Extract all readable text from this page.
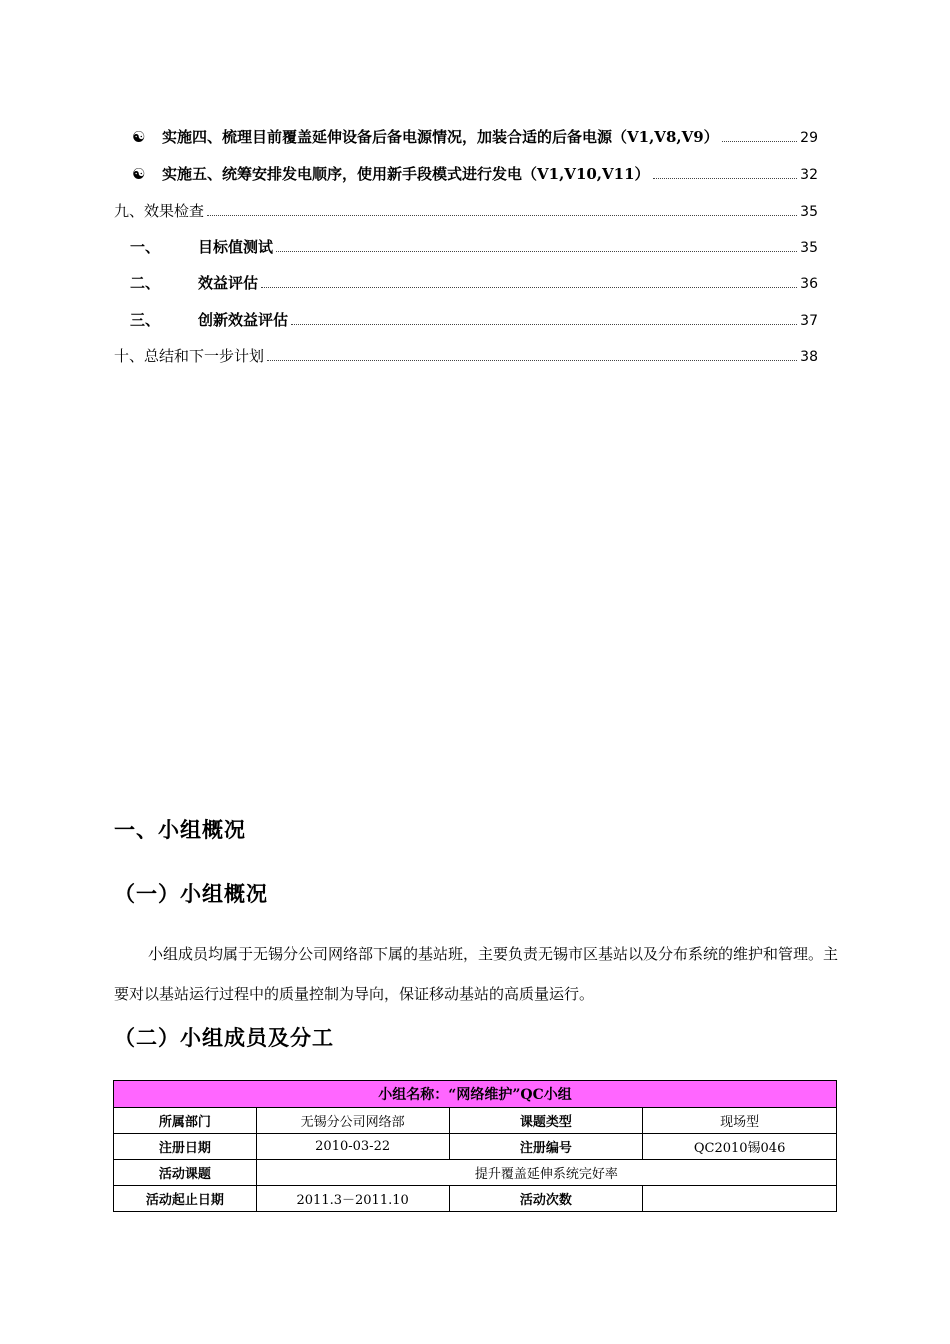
☯	实施四、梳理目前覆盖延伸设备后备电源情况，加装合适的后备电源（V1,V8,V9）	29
☯	实施五、统筹安排发电顺序，使用新手段模式进行发电（V1,V10,V11）	32
九、效果检查	35
一、	目标值测试	35
二、	效益评估	36
三、	创新效益评估	37
十、总结和下一步计划	38
一、小组概况
（一）小组概况
小组成员均属于无锡分公司网络部下属的基站班，主要负责无锡市区基站以及分布系统的维护和管理。主要对以基站运行过程中的质量控制为导向，保证移动基站的高质量运行。
（二）小组成员及分工
小组名称：“网络维护”QC小组			
所属部门	无锡分公司网络部	课题类型	现场型
注册日期	2010-03-22	注册编号	QC2010锡046
活动课题	提升覆盖延伸系统完好率		
活动起止日期	2011.3－2011.10	活动次数	
